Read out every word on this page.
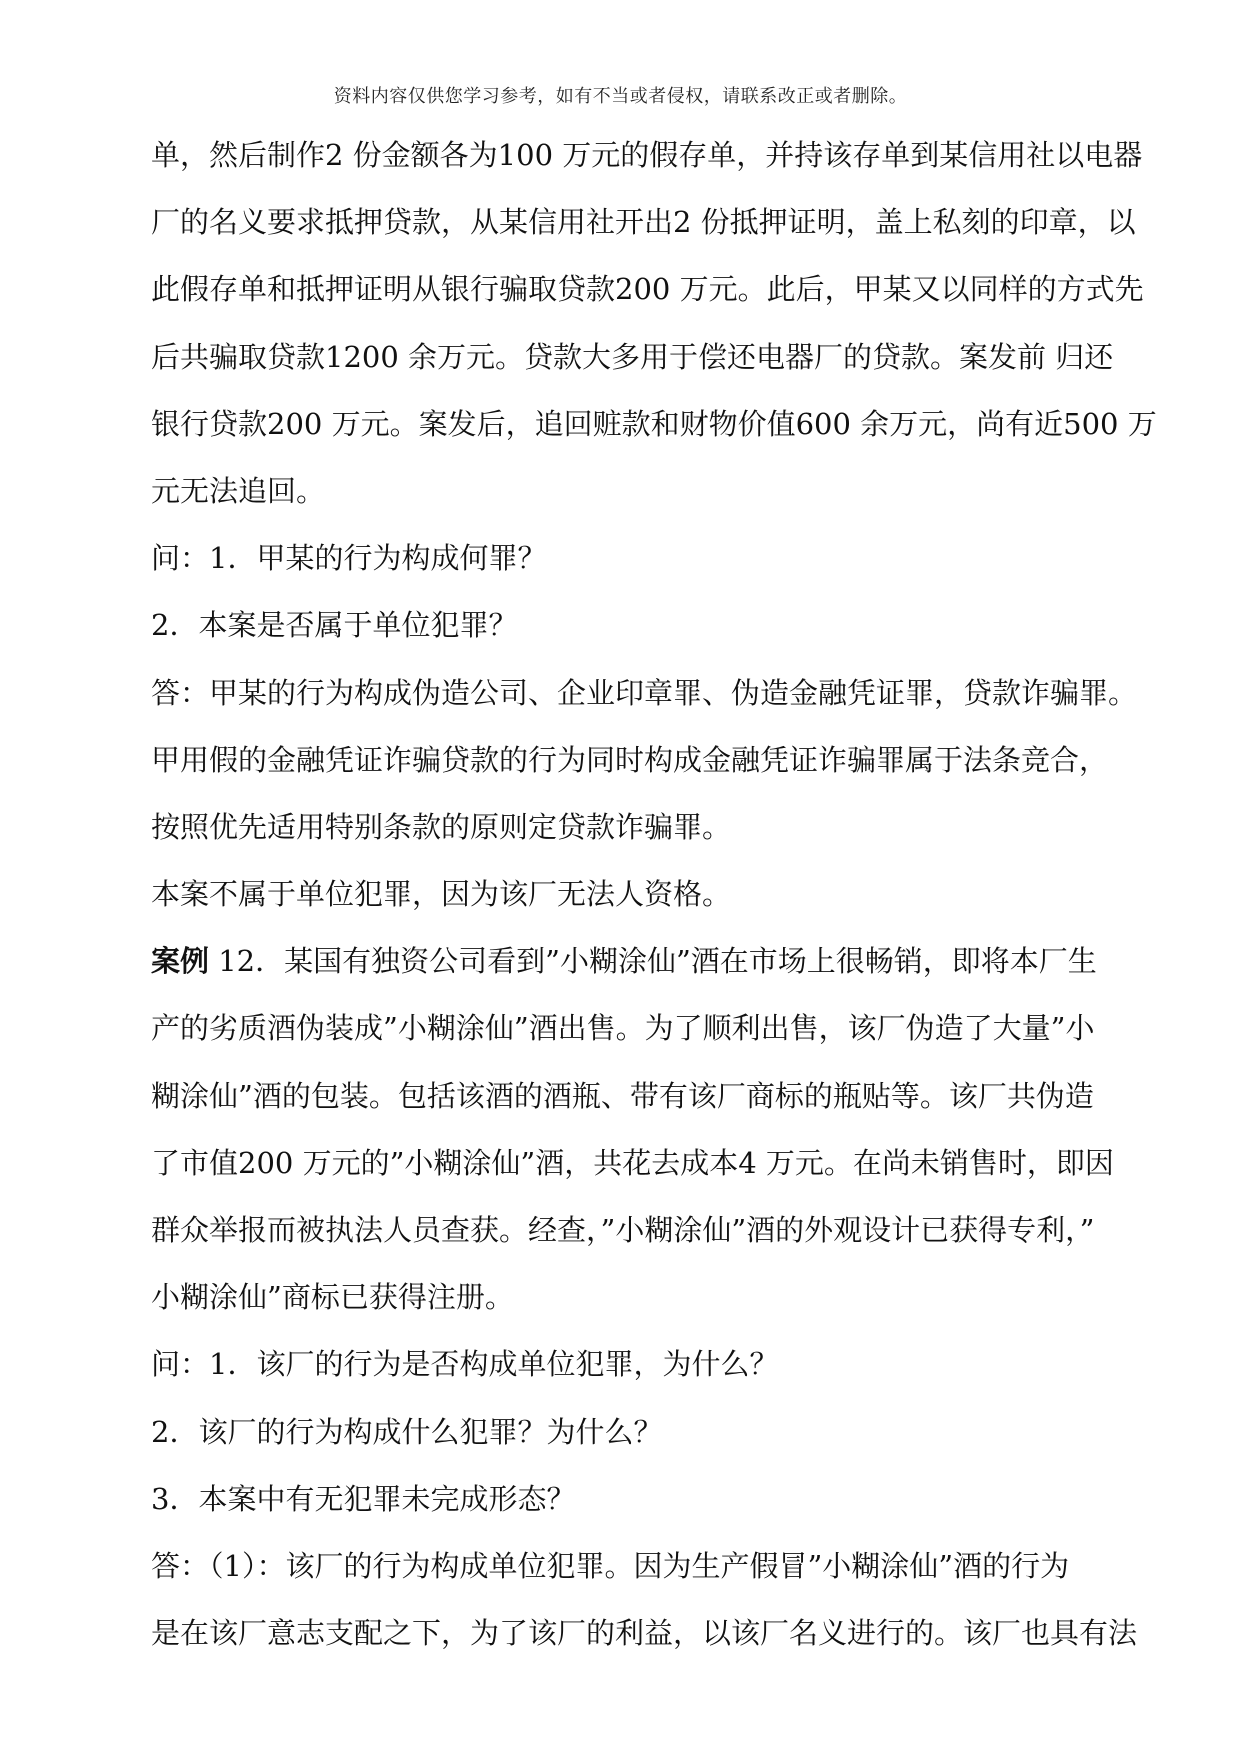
资料内容仅供您学习参考，如有不当或者侵权，请联系改正或者删除。
单，然后制作2 份金额各为100 万元的假存单，并持该存单到某信用社以电器
厂的名义要求抵押贷款，从某信用社开出2 份抵押证明，盖上私刻的印章，以
此假存单和抵押证明从银行骗取贷款200 万元。此后，甲某又以同样的方式先
后共骗取贷款1200 余万元。贷款大多用于偿还电器厂的贷款。案发前 归还
银行贷款200 万元。案发后，追回赃款和财物价值600 余万元，尚有近500 万
元无法追回。
问：1．甲某的行为构成何罪？
2．本案是否属于单位犯罪？
答：甲某的行为构成伪造公司、企业印章罪、伪造金融凭证罪，贷款诈骗罪。
甲用假的金融凭证诈骗贷款的行为同时构成金融凭证诈骗罪属于法条竞合，
按照优先适用特别条款的原则定贷款诈骗罪。
本案不属于单位犯罪，因为该厂无法人资格。
案例 12．某国有独资公司看到”小糊涂仙”酒在市场上很畅销，即将本厂生
产的劣质酒伪装成”小糊涂仙”酒出售。为了顺利出售，该厂伪造了大量”小
糊涂仙”酒的包装。包括该酒的酒瓶、带有该厂商标的瓶贴等。该厂共伪造
了市值200 万元的”小糊涂仙”酒，共花去成本4 万元。在尚未销售时，即因
群众举报而被执法人员查获。经查，”小糊涂仙”酒的外观设计已获得专利，”
小糊涂仙”商标已获得注册。
问：1．该厂的行为是否构成单位犯罪，为什么？
2．该厂的行为构成什么犯罪？为什么？
3．本案中有无犯罪未完成形态？
答：（1）：该厂的行为构成单位犯罪。因为生产假冒”小糊涂仙”酒的行为
是在该厂意志支配之下，为了该厂的利益，以该厂名义进行的。该厂也具有法
